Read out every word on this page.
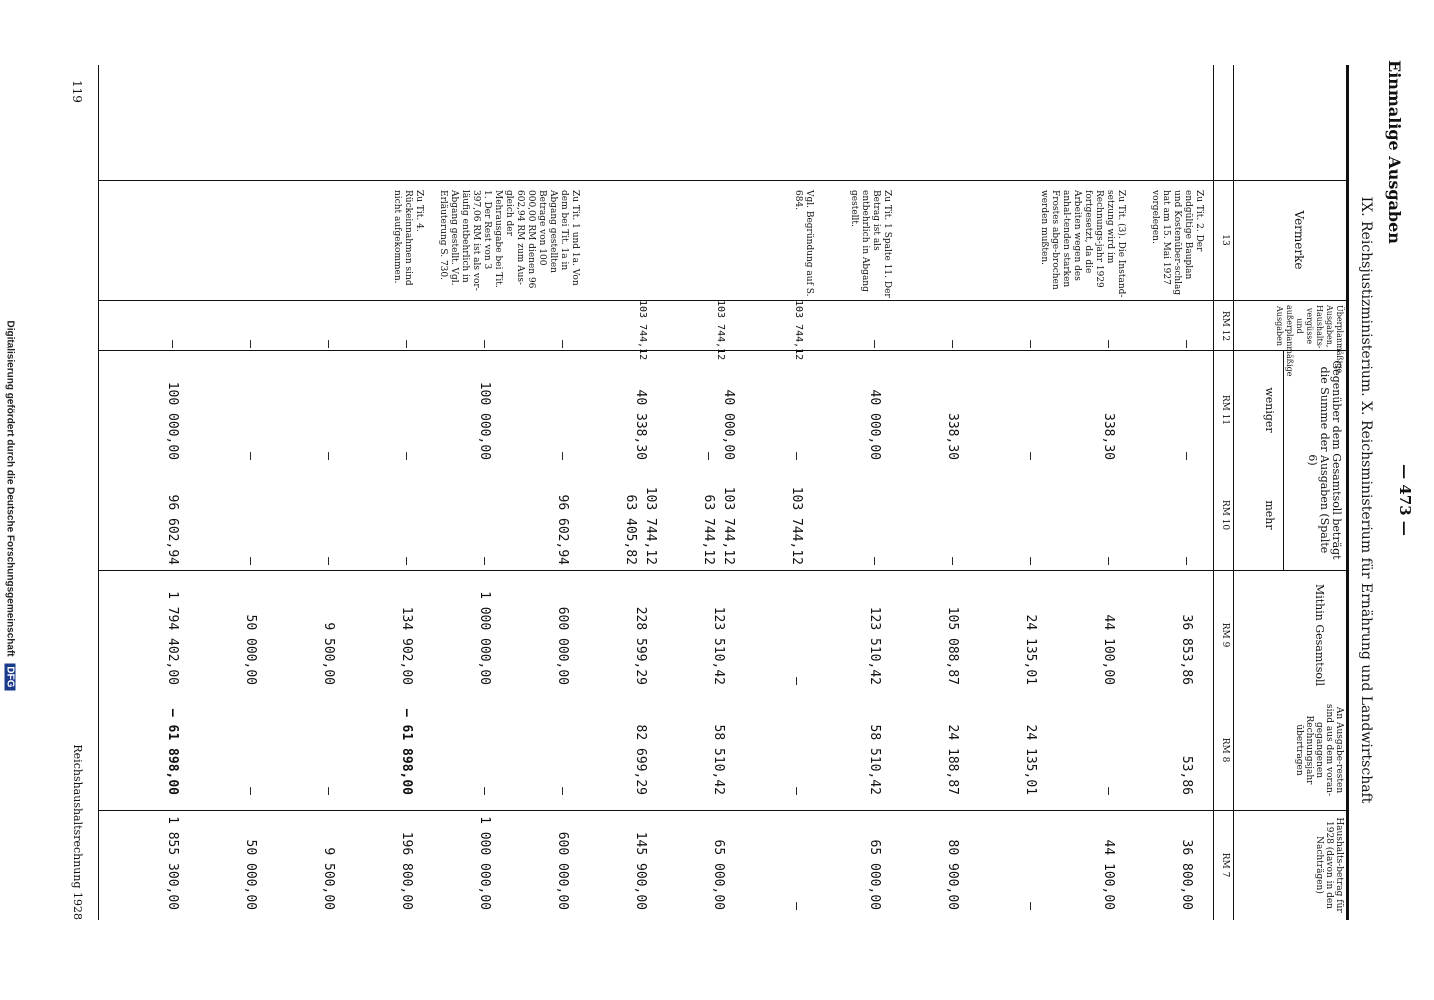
— 473 —
Einmalige Ausgaben
IX. Reichsjustizministerium. X. Reichsministerium für Ernährung und Landwirtschaft
Haushalts-betrag für 1928 (davon in den Nachträgen)
RM 7
An Ausgabe-resten sind aus dem voran-gegangenen Rechnungsjahr übertragen
RM 8
Mithin Gesamtsoll
RM 9
Gegenüber dem Gesamtsoll beträgt die Summe der Ausgaben (Spalte 6)
mehr
weniger
RM 10
RM 11
Überplanmäßige Ausgaben, Haushalts-vergüsse und außerplanmäßige Ausgaben
RM 12
Vermerke
13
36 800,00
53,86
36 853,86
—
—
—
Zu Tit. 2. Der endgültige Bauplan und Kostenüber-schlag hat am 15. Mai 1927 vorgelegen.
44 100,00
—
44 100,00
—
338,30
—
Zu Tit. (3). Die Instand-setzung wird im Rechnungs-jahr 1929 fortgesetzt, da die Arbeiten wegen des anhal-tenden starken Frostes abge-brochen werden mußten.
—
24 135,01
24 135,01
—
—
—
80 900,00
24 188,87
105 088,87
—
338,30
—
65 000,00
58 510,42
123 510,42
—
40 000,00
—
Zu Tit. 1 Spalte 11. Der Betrag ist als entbehrlich in Abgang gestellt.
—
—
—
103 744,12
—
103 744,12
Vgl. Begründung auf S. 684.
65 000,00
58 510,42
123 510,42
103 744,12
63 744,12
40 000,00
—
103 744,12
145 900,00
82 699,29
228 599,29
103 744,12
63 405,82
40 338,30
103 744,12
600 000,00
—
600 000,00
96 602,94
—
—
Zu Tit. 1 und 1a. Von dem bei Tit. 1a in Abgang gestellten Betrage von 100 000,00 RM dienen 96 602,94 RM zum Aus-gleich der Mehrausgabe bei Tit. 1. Der Rest von 3 397,06 RM ist als vor-läufig entbehrlich in Abgang gestellt. Vgl. Erläuterung S. 730.
1 000 000,00
—
1 000 000,00
—
100 000,00
—
196 800,00
— 61 898,00
134 902,00
—
—
—
Zu Tit. 4. Rückeinnahmen sind nicht aufgekommen.
9 500,00
—
9 500,00
—
—
—
50 000,00
—
50 000,00
—
—
—
1 855 300,00
— 61 898,00
1 794 402,00
96 602,94
100 000,00
—
119
Reichshaushaltsrechnung 1928
Digitalisierung gefördert durch die Deutsche Forschungsgemeinschaft DFG
